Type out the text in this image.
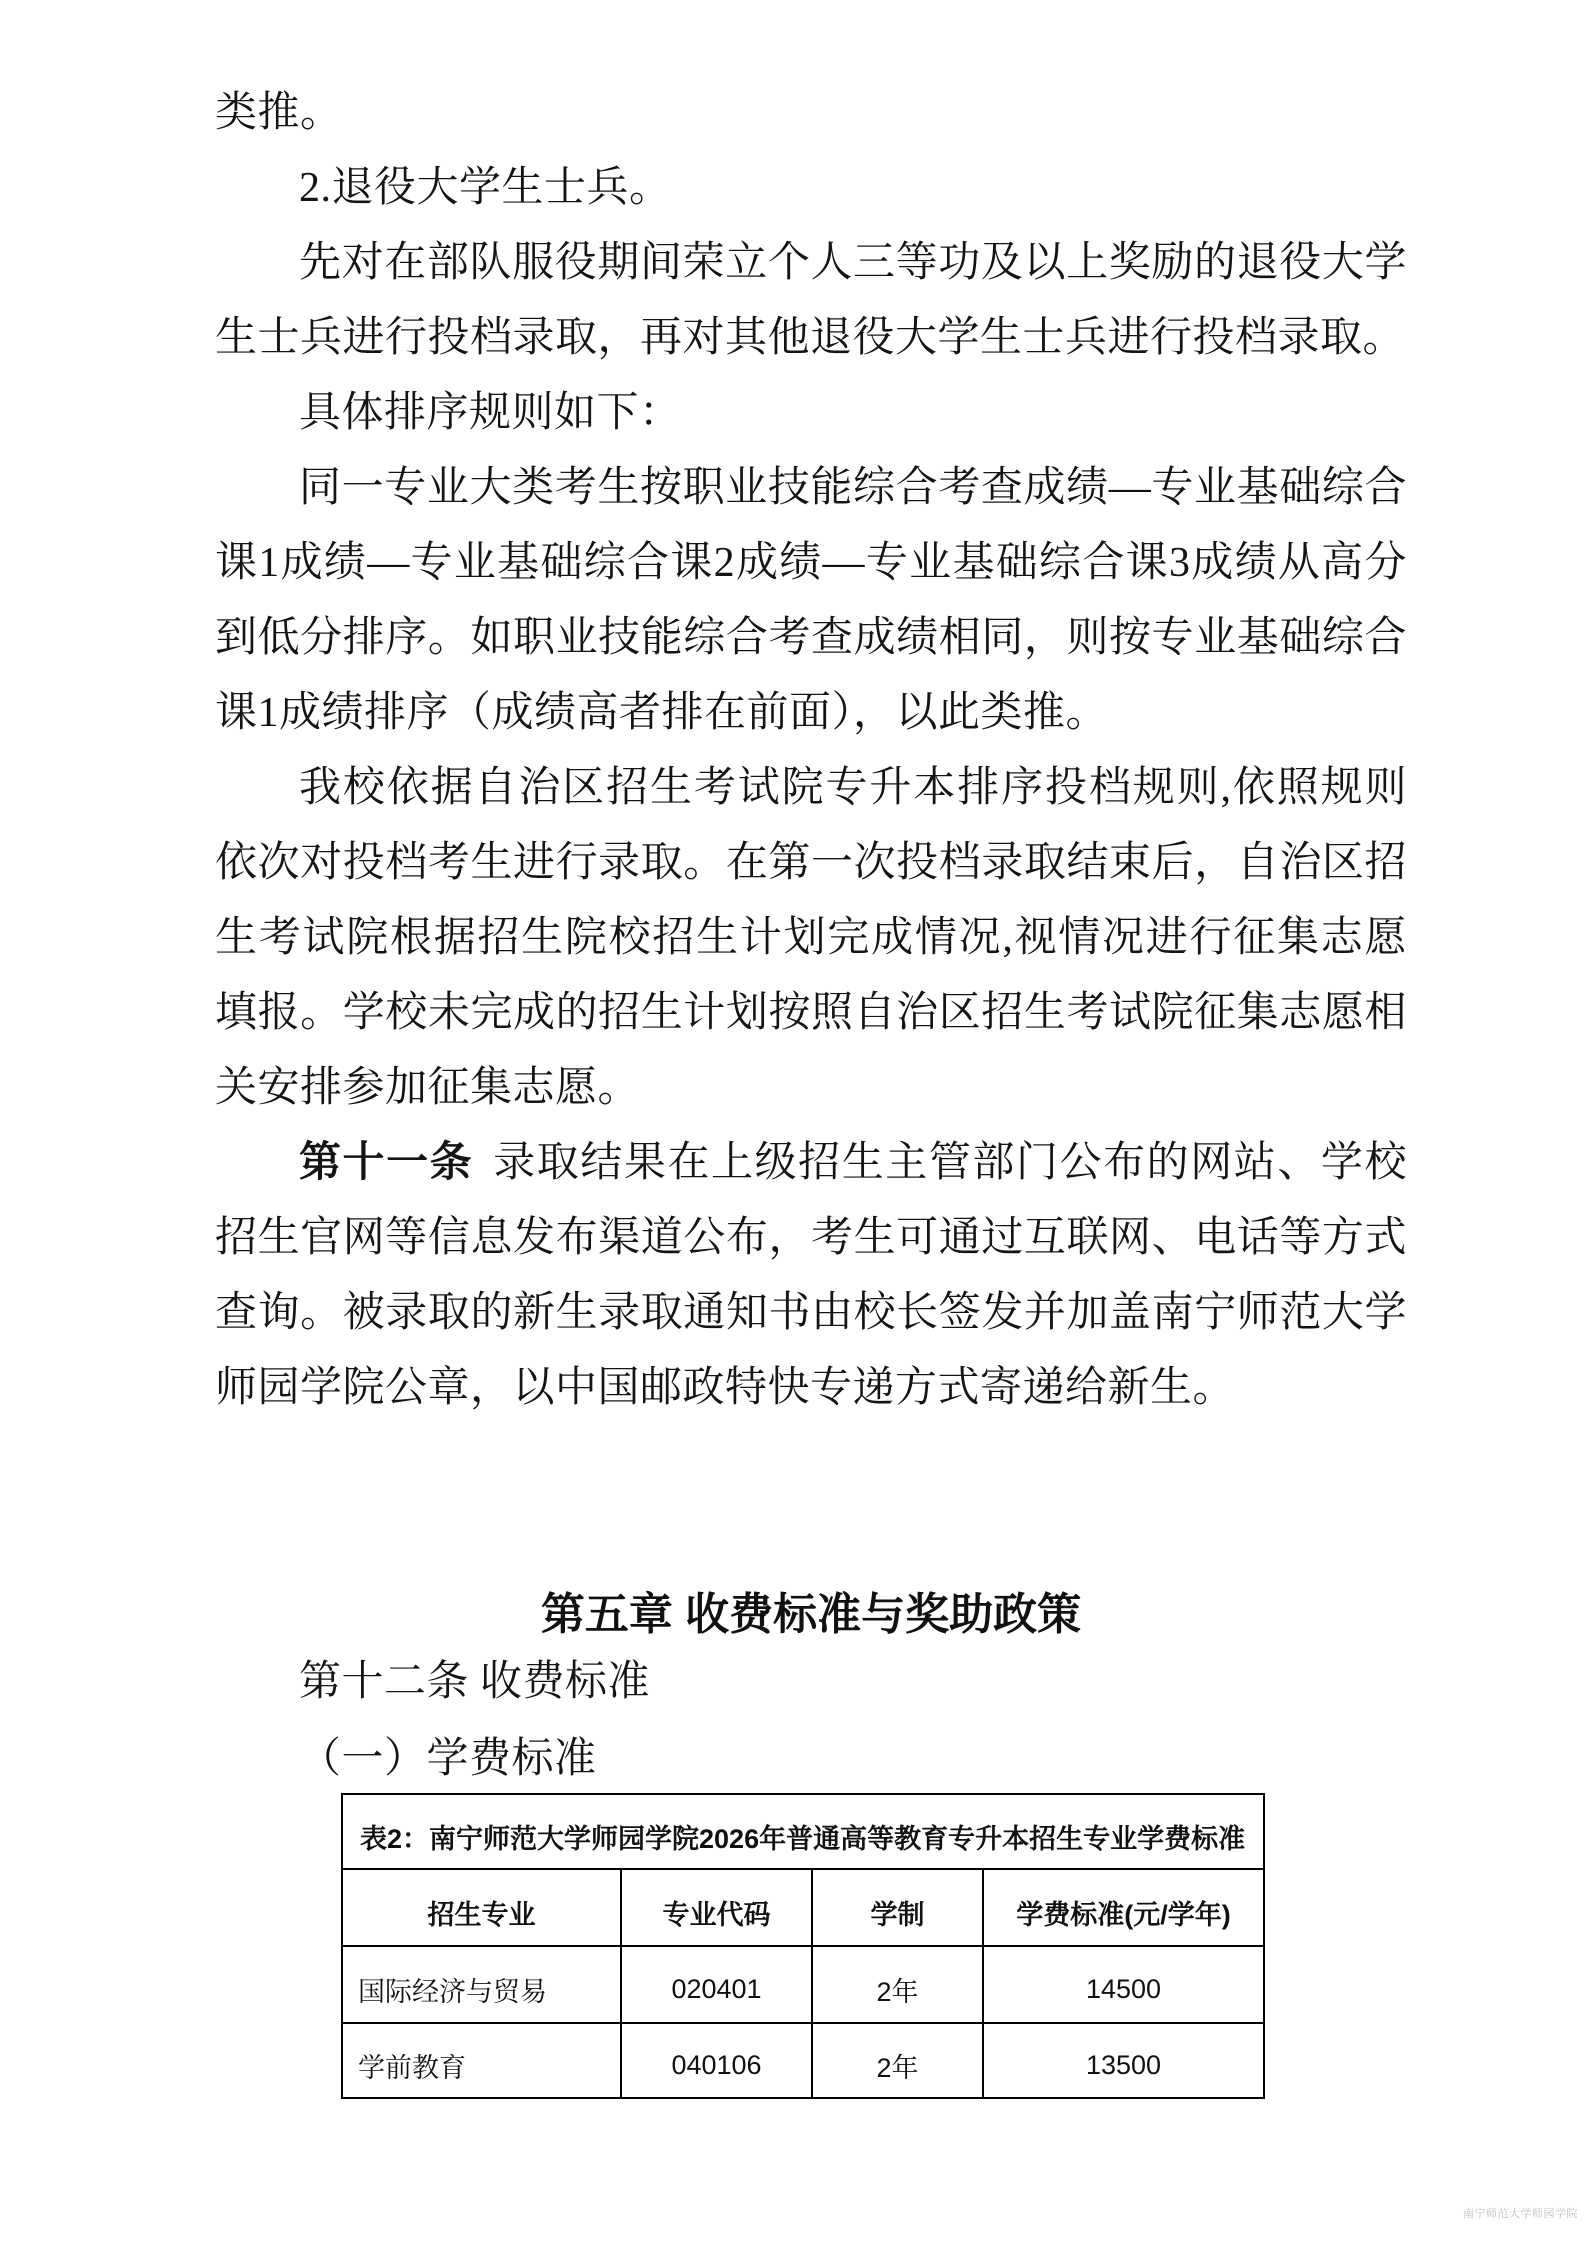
类推。

2.退役大学生士兵。

先对在部队服役期间荣立个人三等功及以上奖励的退役大学生士兵进行投档录取，再对其他退役大学生士兵进行投档录取。

具体排序规则如下：

同一专业大类考生按职业技能综合考查成绩—专业基础综合课1成绩—专业基础综合课2成绩—专业基础综合课3成绩从高分到低分排序。如职业技能综合考查成绩相同，则按专业基础综合课1成绩排序（成绩高者排在前面），以此类推。

我校依据自治区招生考试院专升本排序投档规则,依照规则依次对投档考生进行录取。在第一次投档录取结束后，自治区招生考试院根据招生院校招生计划完成情况,视情况进行征集志愿填报。学校未完成的招生计划按照自治区招生考试院征集志愿相关安排参加征集志愿。

第十一条 录取结果在上级招生主管部门公布的网站、学校招生官网等信息发布渠道公布，考生可通过互联网、电话等方式查询。被录取的新生录取通知书由校长签发并加盖南宁师范大学师园学院公章，以中国邮政特快专递方式寄递给新生。

第五章 收费标准与奖助政策

第十二条 收费标准

（一）学费标准

表2：南宁师范大学师园学院2026年普通高等教育专升本招生专业学费标准			
招生专业	专业代码	学制	学费标准(元/学年)
国际经济与贸易	020401	2年	14500
学前教育	040106	2年	13500
南宁师范大学师园学院
